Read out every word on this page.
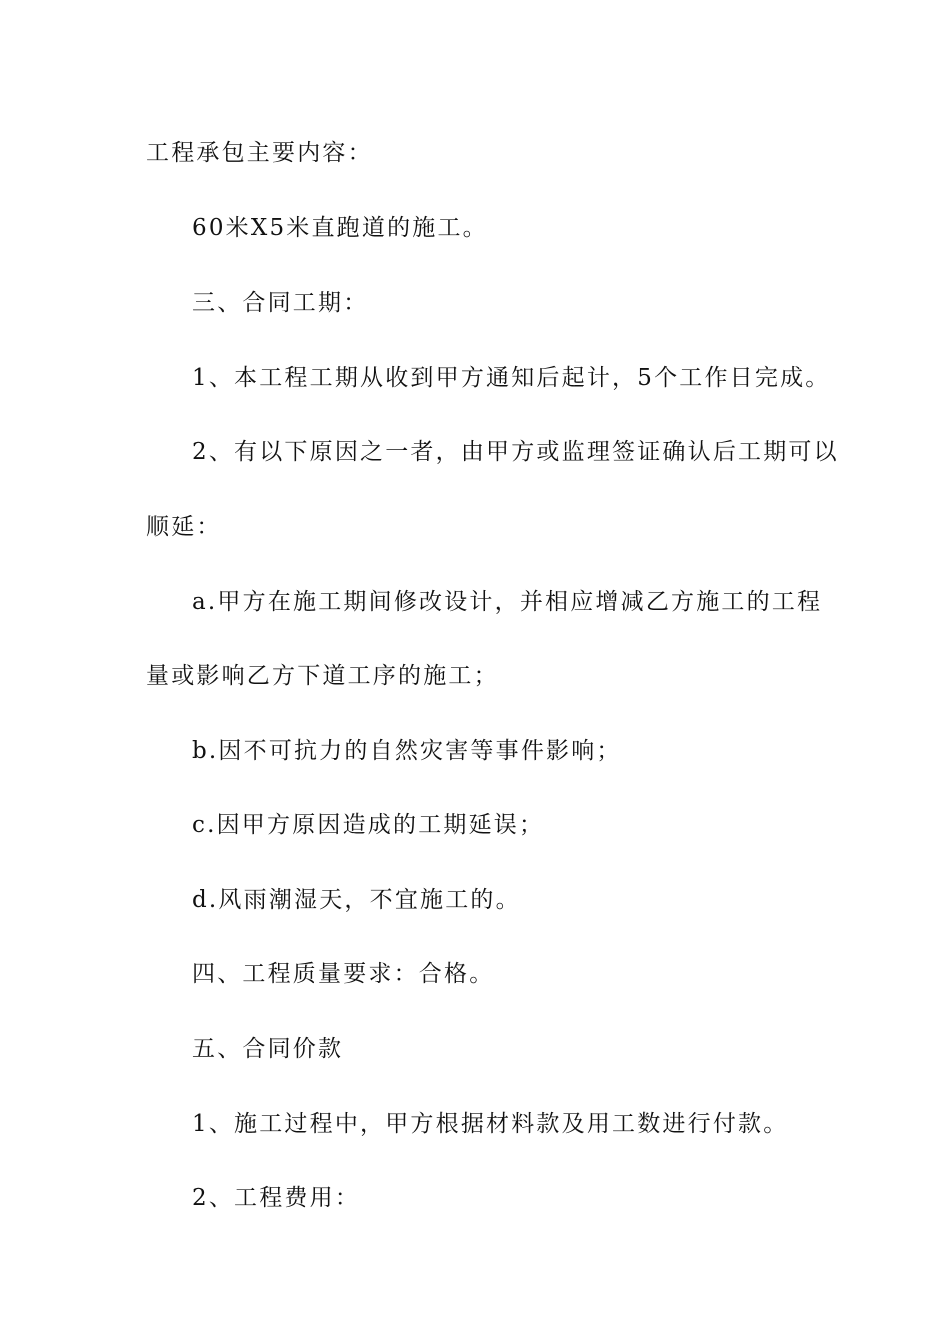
工程承包主要内容：
60米X5米直跑道的施工。
三、合同工期：
1、本工程工期从收到甲方通知后起计，5个工作日完成。
2、有以下原因之一者，由甲方或监理签证确认后工期可以
顺延：
a.甲方在施工期间修改设计，并相应增减乙方施工的工程
量或影响乙方下道工序的施工；
b.因不可抗力的自然灾害等事件影响；
c.因甲方原因造成的工期延误；
d.风雨潮湿天，不宜施工的。
四、工程质量要求：合格。
五、合同价款
1、施工过程中，甲方根据材料款及用工数进行付款。
2、工程费用：
